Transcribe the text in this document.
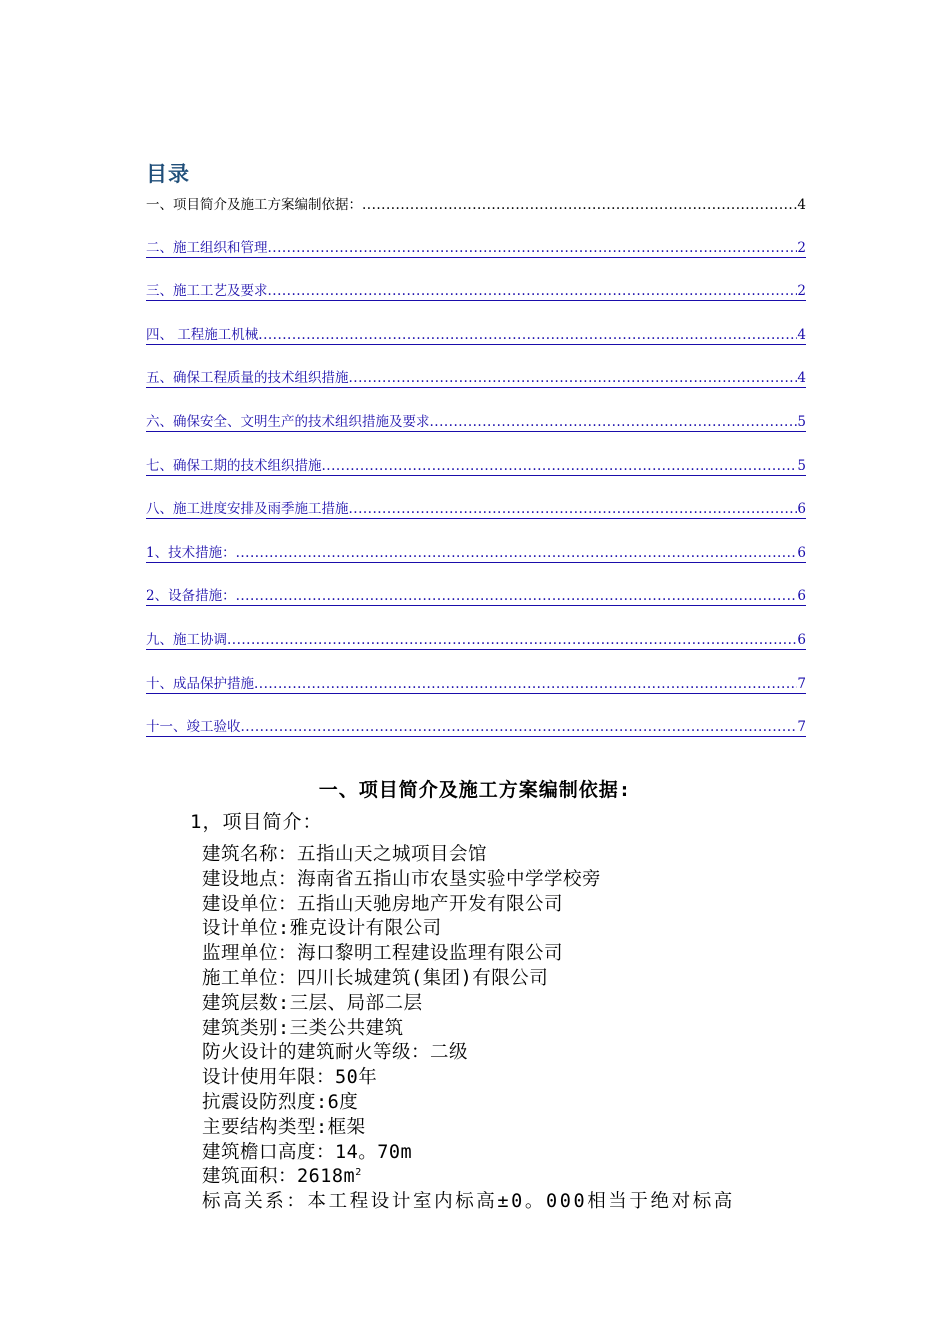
目录
一、项目简介及施工方案编制依据： .....	4
二、施工组织和管理 .....	2
三、施工工艺及要求 .....	2
四、 工程施工机械 .....	4
五、确保工程质量的技术组织措施 .....	4
六、确保安全、文明生产的技术组织措施及要求 .....	5
七、确保工期的技术组织措施 .....	5
八、施工进度安排及雨季施工措施 .....	6
1、技术措施： .....	6
2、设备措施： .....	6
九、施工协调 .....	6
十、成品保护措施 .....	7
十一、竣工验收 .....	7
一、项目简介及施工方案编制依据:
1，项目简介：
建筑名称：五指山天之城项目会馆
建设地点：海南省五指山市农垦实验中学学校旁
建设单位：五指山天驰房地产开发有限公司
设计单位:雅克设计有限公司
监理单位：海口黎明工程建设监理有限公司
施工单位：四川长城建筑(集团)有限公司
建筑层数:三层、局部二层
建筑类别:三类公共建筑
防火设计的建筑耐火等级：二级
设计使用年限：50年
抗震设防烈度:6度
主要结构类型:框架
建筑檐口高度：14。70m
建筑面积：$2618m^2$
标高关系：本工程设计室内标高±0。000相当于绝对标高
